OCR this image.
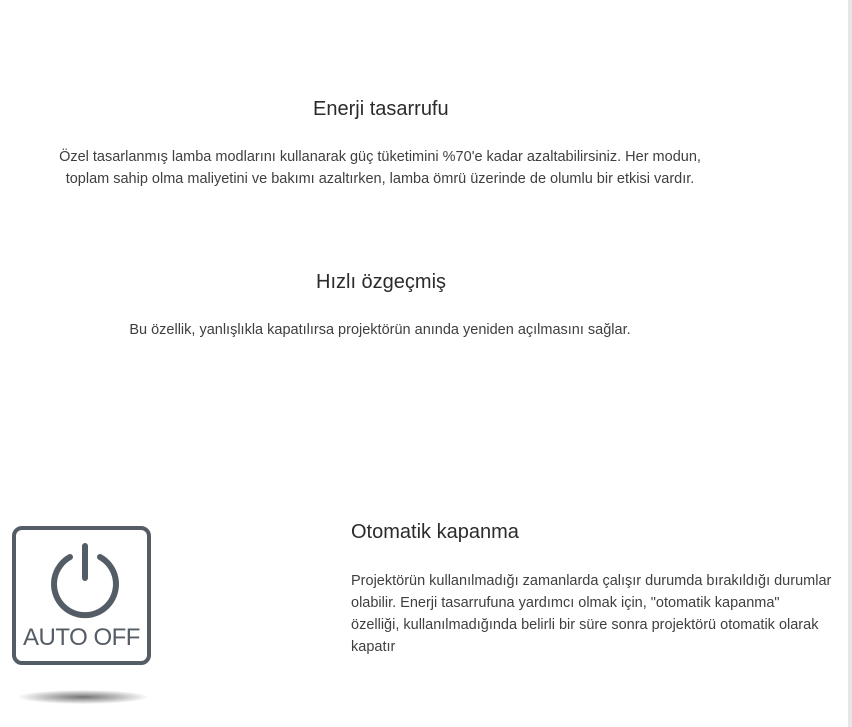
Enerji tasarrufu

Özel tasarlanmış lamba modlarını kullanarak güç tüketimini %70'e kadar azaltabilirsiniz. Her modun,
toplam sahip olma maliyetini ve bakımı azaltırken, lamba ömrü üzerinde de olumlu bir etkisi vardır.

Hızlı özgeçmiş

Bu özellik, yanlışlıkla kapatılırsa projektörün anında yeniden açılmasını sağlar.

AUTO OFF
Otomatik kapanma

Projektörün kullanılmadığı zamanlarda çalışır durumda bırakıldığı durumlar
olabilir. Enerji tasarrufuna yardımcı olmak için, "otomatik kapanma"
özelliği, kullanılmadığında belirli bir süre sonra projektörü otomatik olarak
kapatır
